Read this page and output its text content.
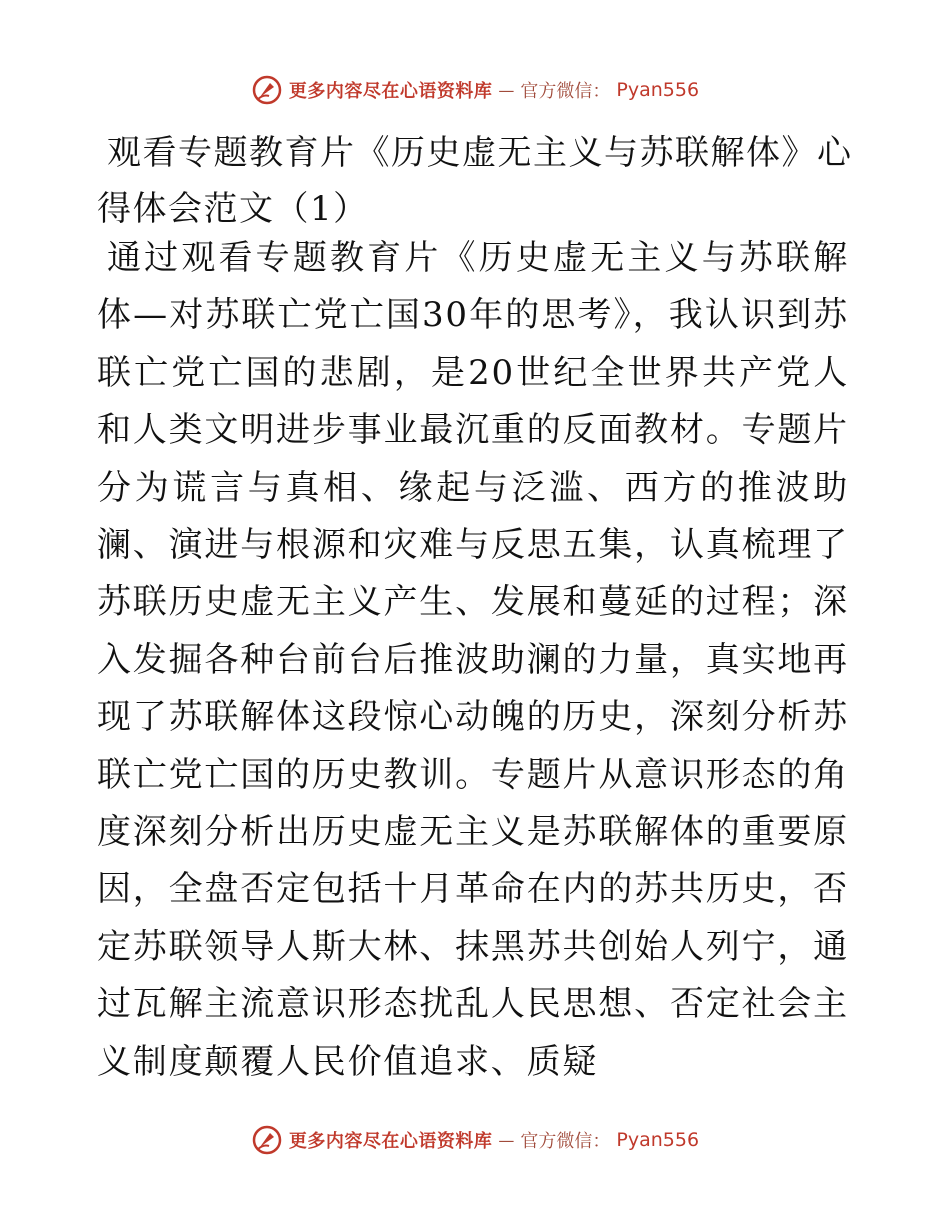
更多内容尽在心语资料库 — 官方微信： Pyan556
观看专题教育片《历史虚无主义与苏联解体》心得体会范文（1）

通过观看专题教育片《历史虚无主义与苏联解体—对苏联亡党亡国30年的思考》，我认识到苏联亡党亡国的悲剧，是20世纪全世界共产党人和人类文明进步事业最沉重的反面教材。专题片分为谎言与真相、缘起与泛滥、西方的推波助澜、演进与根源和灾难与反思五集，认真梳理了苏联历史虚无主义产生、发展和蔓延的过程；深入发掘各种台前台后推波助澜的力量，真实地再现了苏联解体这段惊心动魄的历史，深刻分析苏联亡党亡国的历史教训。专题片从意识形态的角度深刻分析出历史虚无主义是苏联解体的重要原因，全盘否定包括十月革命在内的苏共历史，否定苏联领导人斯大林、抹黑苏共创始人列宁，通过瓦解主流意识形态扰乱人民思想、否定社会主义制度颠覆人民价值追求、质疑

更多内容尽在心语资料库 — 官方微信： Pyan556
